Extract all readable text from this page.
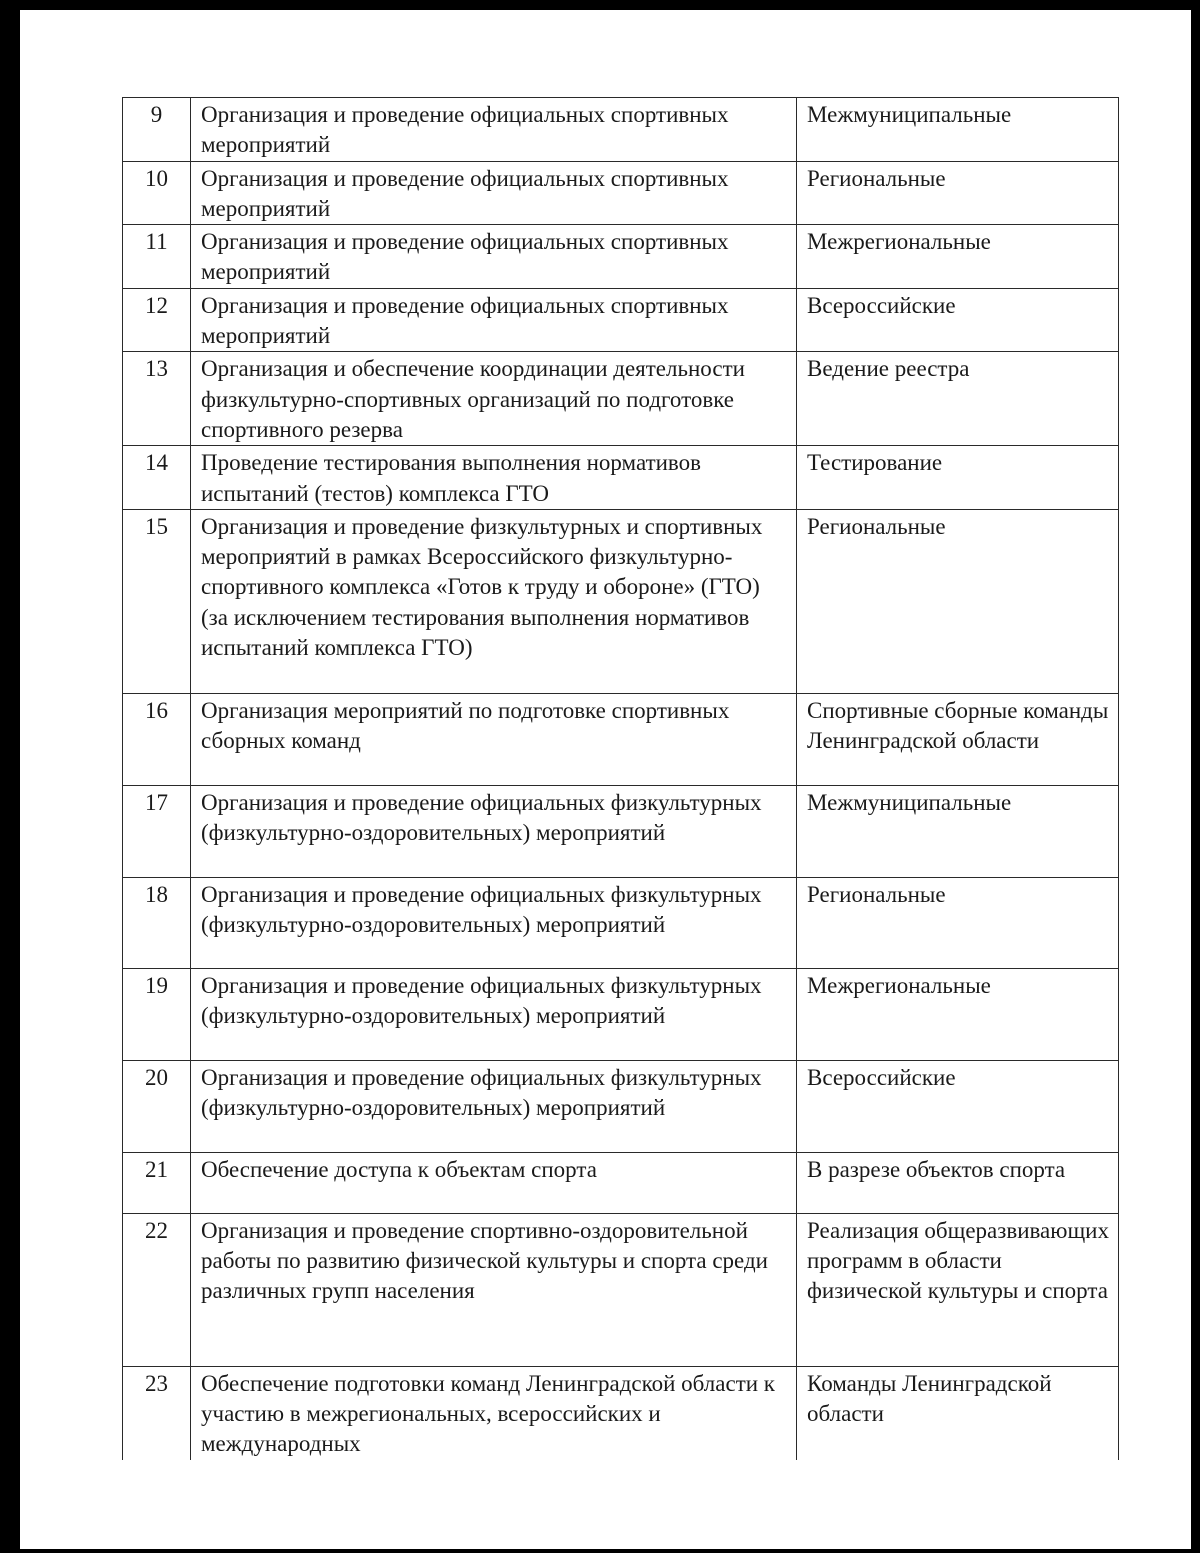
9	Организация и проведение официальных спортивных мероприятий	Межмуниципальные
10	Организация и проведение официальных спортивных мероприятий	Региональные
11	Организация и проведение официальных спортивных мероприятий	Межрегиональные
12	Организация и проведение официальных спортивных мероприятий	Всероссийские
13	Организация и обеспечение координации деятельности физкультурно-спортивных организаций по подготовке спортивного резерва	Ведение реестра
14	Проведение тестирования выполнения нормативов испытаний (тестов) комплекса ГТО	Тестирование
15	Организация и проведение физкультурных и спортивных мероприятий в рамках Всероссийского физкультурно-спортивного комплекса «Готов к труду и обороне» (ГТО) (за исключением тестирования выполнения нормативов испытаний комплекса ГТО)	Региональные
16	Организация мероприятий по подготовке спортивных сборных команд	Спортивные сборные команды Ленинградской области
17	Организация и проведение официальных физкультурных (физкультурно-оздоровительных) мероприятий	Межмуниципальные
18	Организация и проведение официальных физкультурных (физкультурно-оздоровительных) мероприятий	Региональные
19	Организация и проведение официальных физкультурных (физкультурно-оздоровительных) мероприятий	Межрегиональные
20	Организация и проведение официальных физкультурных (физкультурно-оздоровительных) мероприятий	Всероссийские
21	Обеспечение доступа к объектам спорта	В разрезе объектов спорта
22	Организация и проведение спортивно-оздоровительной работы по развитию физической культуры и спорта среди различных групп населения	Реализация общеразвивающих программ в области физической культуры и спорта
23	Обеспечение подготовки команд Ленинградской области к участию в межрегиональных, всероссийских и международных	Команды Ленинградской области
